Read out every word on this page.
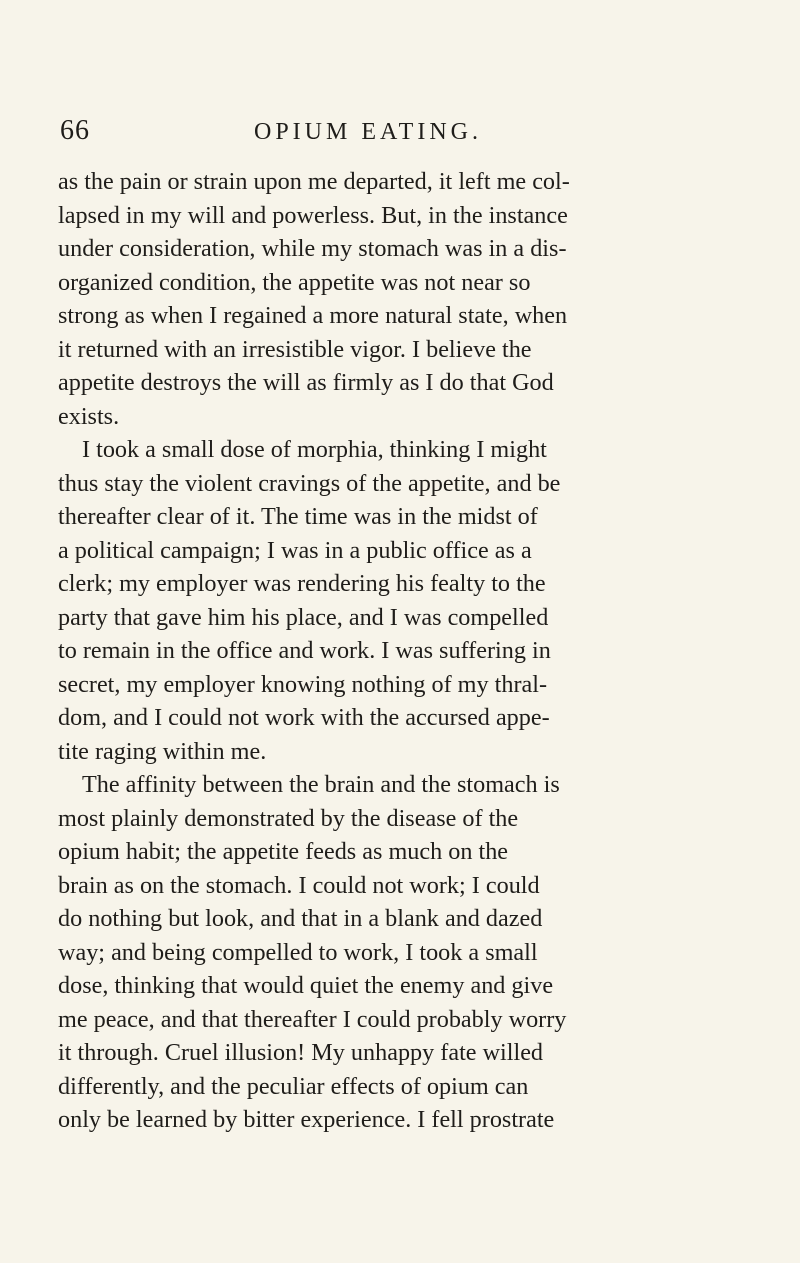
66	OPIUM EATING.
as the pain or strain upon me departed, it left me col-
lapsed in my will and powerless. But, in the instance
under consideration, while my stomach was in a dis-
organized condition, the appetite was not near so
strong as when I regained a more natural state, when
it returned with an irresistible vigor. I believe the
appetite destroys the will as firmly as I do that God
exists.
I took a small dose of morphia, thinking I might
thus stay the violent cravings of the appetite, and be
thereafter clear of it. The time was in the midst of
a political campaign; I was in a public office as a
clerk; my employer was rendering his fealty to the
party that gave him his place, and I was compelled
to remain in the office and work. I was suffering in
secret, my employer knowing nothing of my thral-
dom, and I could not work with the accursed appe-
tite raging within me.
The affinity between the brain and the stomach is
most plainly demonstrated by the disease of the
opium habit; the appetite feeds as much on the
brain as on the stomach. I could not work; I could
do nothing but look, and that in a blank and dazed
way; and being compelled to work, I took a small
dose, thinking that would quiet the enemy and give
me peace, and that thereafter I could probably worry
it through. Cruel illusion! My unhappy fate willed
differently, and the peculiar effects of opium can
only be learned by bitter experience. I fell prostrate
